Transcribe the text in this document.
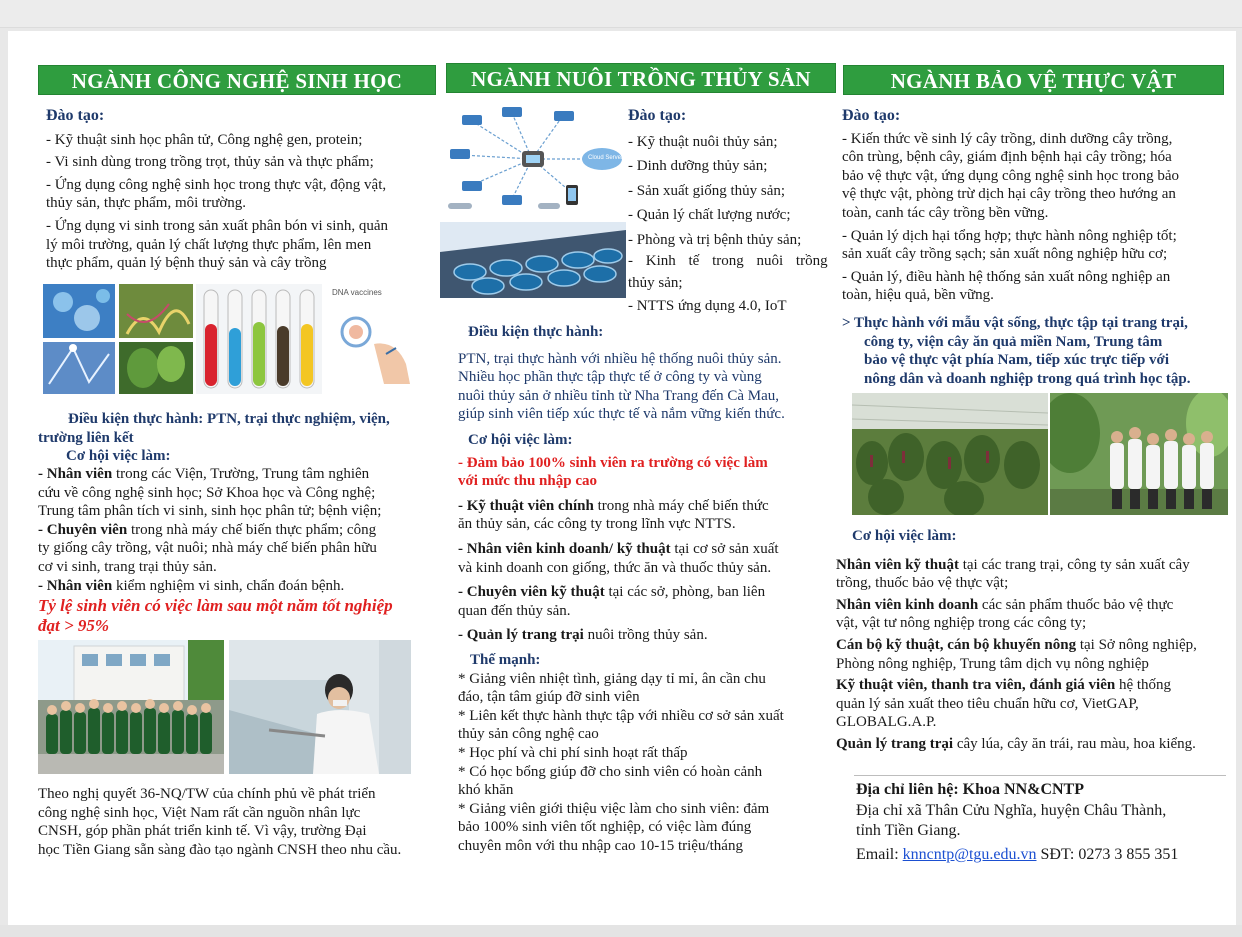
NGÀNH CÔNG NGHỆ SINH HỌC
Đào tạo:
- Kỹ thuật sinh học phân tử, Công nghệ gen, protein;
- Vi sinh dùng trong trồng trọt, thủy sản và thực phẩm;
- Ứng dụng công nghệ sinh học trong thực vật, động vật,
thủy sản, thực phẩm, môi trường.
- Ứng dụng vi sinh trong sản xuất phân bón vi sinh, quản
lý môi trường, quản lý chất lượng thực phẩm, lên men
thực phẩm, quản lý bệnh thuỷ sản và cây trồng
DNA vaccines
Điều kiện thực hành: PTN, trại thực nghiệm, viện,
trường liên kết
Cơ hội việc làm:
- Nhân viên trong các Viện, Trường, Trung tâm nghiên
cứu về công nghệ sinh học; Sở Khoa học và Công nghệ;
Trung tâm phân tích vi sinh, sinh học phân tử; bệnh viện;
- Chuyên viên trong nhà máy chế biến thực phẩm; công
ty giống cây trồng, vật nuôi; nhà máy chế biến phân hữu
cơ vi sinh, trang trại thủy sản.
- Nhân viên kiểm nghiệm vi sinh, chẩn đoán bệnh.
Tỷ lệ sinh viên có việc làm sau một năm tốt nghiệp
đạt > 95%
Theo nghị quyết 36-NQ/TW của chính phủ về phát triển
công nghệ sinh học, Việt Nam rất cần nguồn nhân lực
CNSH, góp phần phát triển kinh tế. Vì vậy, trường Đại
học Tiền Giang sẵn sàng đào tạo ngành CNSH theo nhu cầu.
NGÀNH NUÔI TRỒNG THỦY SẢN
Cloud Server
Đào tạo:
- Kỹ thuật nuôi thủy sản;
- Dinh dưỡng thủy sản;
- Sản xuất giống thủy sản;
- Quản lý chất lượng nước;
- Phòng và trị bệnh thủy sản;
- Kinh tế trong nuôi trồng
thủy sản;
- NTTS ứng dụng 4.0, IoT
Điều kiện thực hành:
PTN, trại thực hành với nhiều hệ thống nuôi thủy sản.
Nhiều học phần thực tập thực tế ở công ty và vùng
nuôi thủy sản ở nhiều tỉnh từ Nha Trang đến Cà Mau,
giúp sinh viên tiếp xúc thực tế và nắm vững kiến thức.
Cơ hội việc làm:
- Đảm bảo 100% sinh viên ra trường có việc làm
với mức thu nhập cao
- Kỹ thuật viên chính trong nhà máy chế biến thức
ăn thủy sản, các công ty trong lĩnh vực NTTS.
- Nhân viên kinh doanh/ kỹ thuật tại cơ sở sản xuất
và kinh doanh con giống, thức ăn và thuốc thủy sản.
- Chuyên viên kỹ thuật tại các sở, phòng, ban liên
quan đến thủy sản.
- Quản lý trang trại nuôi trồng thủy sản.
Thế mạnh:
* Giảng viên nhiệt tình, giảng dạy tỉ mỉ, ân cần chu
đáo, tận tâm giúp đỡ sinh viên
* Liên kết thực hành thực tập với nhiều cơ sở sản xuất
thủy sản công nghệ cao
* Học phí và chi phí sinh hoạt rất thấp
* Có học bổng giúp đỡ cho sinh viên có hoàn cảnh
khó khăn
* Giảng viên giới thiệu việc làm cho sinh viên: đảm
bảo 100% sinh viên tốt nghiệp, có việc làm đúng
chuyên môn với thu nhập cao 10-15 triệu/tháng
NGÀNH BẢO VỆ THỰC VẬT
Đào tạo:
- Kiến thức về sinh lý cây trồng, dinh dưỡng cây trồng,
côn trùng, bệnh cây, giám định bệnh hại cây trồng; hóa
bảo vệ thực vật, ứng dụng công nghệ sinh học trong bảo
vệ thực vật, phòng trừ dịch hại cây trồng theo hướng an
toàn, canh tác cây trồng bền vững.
- Quản lý dịch hại tổng hợp; thực hành nông nghiệp tốt;
sản xuất cây trồng sạch; sản xuất nông nghiệp hữu cơ;
- Quản lý, điều hành hệ thống sản xuất nông nghiệp an
toàn, hiệu quả, bền vững.
> Thực hành với mẫu vật sống, thực tập tại trang trại,
công ty, viện cây ăn quả miền Nam, Trung tâm
bảo vệ thực vật phía Nam, tiếp xúc trực tiếp với
nông dân và doanh nghiệp trong quá trình học tập.
Cơ hội việc làm:
Nhân viên kỹ thuật tại các trang trại, công ty sản xuất cây
trồng, thuốc bảo vệ thực vật;
Nhân viên kinh doanh các sản phẩm thuốc bảo vệ thực
vật, vật tư nông nghiệp trong các công ty;
Cán bộ kỹ thuật, cán bộ khuyến nông tại Sở nông nghiệp,
Phòng nông nghiệp, Trung tâm dịch vụ nông nghiệp
Kỹ thuật viên, thanh tra viên, đánh giá viên hệ thống
quản lý sản xuất theo tiêu chuẩn hữu cơ, VietGAP,
GLOBALG.A.P.
Quản lý trang trại cây lúa, cây ăn trái, rau màu, hoa kiểng.
Địa chỉ liên hệ: Khoa NN&CNTP
Địa chỉ xã Thân Cửu Nghĩa, huyện Châu Thành,
tỉnh Tiền Giang.
Email: knncntp@tgu.edu.vn SĐT: 0273 3 855 351
